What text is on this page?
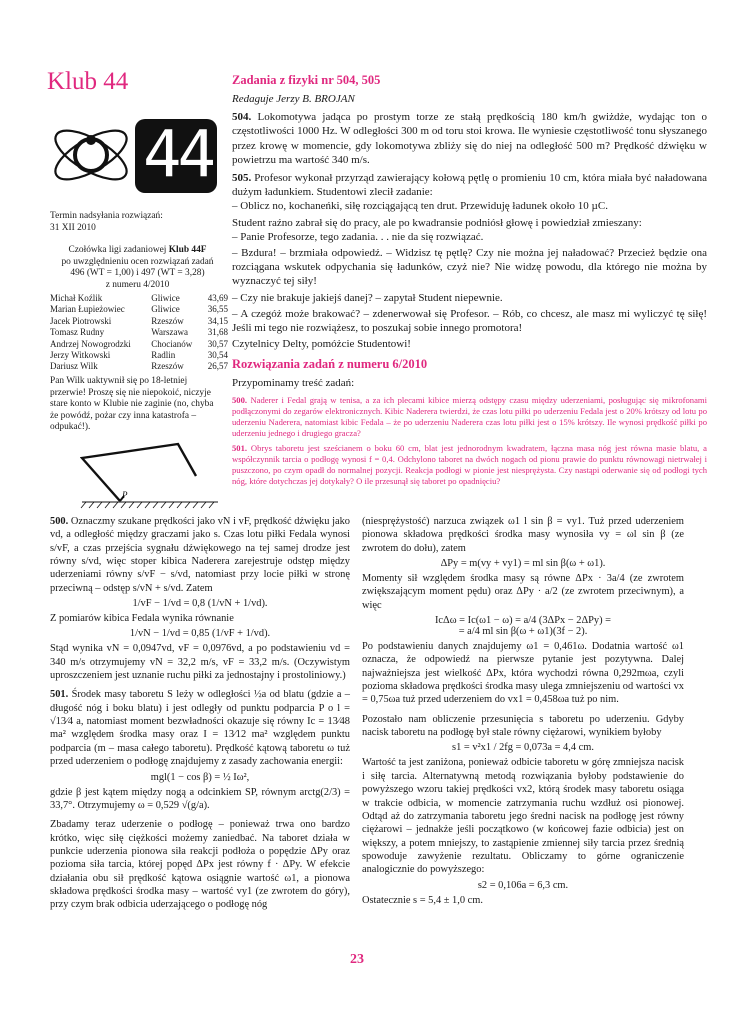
Klub 44
44
Termin nadsyłania rozwiązań:
31 XII 2010
Czołówka ligi zadaniowej Klub 44F
po uwzględnieniu ocen rozwiązań zadań
496 (WT = 1,00) i 497 (WT = 3,28)
z numeru 4/2010
Michał Koźlik	Gliwice	43,69
Marian Łupieżowiec	Gliwice	36,55
Jacek Piotrowski	Rzeszów	34,15
Tomasz Rudny	Warszawa	31,68
Andrzej Nowogrodzki	Chocianów	30,57
Jerzy Witkowski	Radlin	30,54
Dariusz Wilk	Rzeszów	26,57
Pan Wilk uaktywnił się po 18-letniej przerwie! Proszę się nie niepokoić, niczyje stare konto w Klubie nie zaginie (no, chyba że powódź, pożar czy inna katastrofa – odpukać!).
P
Zadania z fizyki nr 504, 505
Redaguje Jerzy B. BROJAN

504. Lokomotywa jadąca po prostym torze ze stałą prędkością 180 km/h gwiżdże, wydając ton o częstotliwości 1000 Hz. W odległości 300 m od toru stoi krowa. Ile wyniesie częstotliwość tonu słyszanego przez krowę w momencie, gdy lokomotywa zbliży się do niej na odległość 500 m? Prędkość dźwięku w powietrzu ma wartość 340 m/s.

505. Profesor wykonał przyrząd zawierający kołową pętlę o promieniu 10 cm, która miała być naładowana dużym ładunkiem. Studentowi zlecił zadanie:

– Oblicz no, kochaneńki, siłę rozciągającą ten drut. Przewiduję ładunek około 10 µC.

Student raźno zabrał się do pracy, ale po kwadransie podniósł głowę i powiedział zmieszany:

– Panie Profesorze, tego zadania. . . nie da się rozwiązać.

– Bzdura! – brzmiała odpowiedź. – Widzisz tę pętlę? Czy nie można jej naładować? Przecież będzie ona rozciągana wskutek odpychania się ładunków, czyż nie? Nie widzę powodu, dla którego nie można by wyznaczyć tej siły!

– Czy nie brakuje jakiejś danej? – zapytał Student niepewnie.

– A czegóż może brakować? – zdenerwował się Profesor. – Rób, co chcesz, ale masz mi wyliczyć tę siłę! Jeśli mi tego nie rozwiążesz, to poszukaj sobie innego promotora!

Czytelnicy Delty, pomóżcie Studentowi!

Rozwiązania zadań z numeru 6/2010

Przypominamy treść zadań:

500. Naderer i Fedal grają w tenisa, a za ich plecami kibice mierzą odstępy czasu między uderzeniami, posługując się mikrofonami podłączonymi do zegarów elektronicznych. Kibic Naderera twierdzi, że czas lotu piłki po uderzeniu Fedala jest o 20% krótszy od lotu po uderzeniu Naderera, natomiast kibic Fedala – że po uderzeniu Naderera czas lotu piłki jest o 15% krótszy. Ile wynosi prędkość piłki po uderzeniu jednego i drugiego gracza?

501. Obrys taboretu jest sześcianem o boku 60 cm, blat jest jednorodnym kwadratem, łączna masa nóg jest równa masie blatu, a współczynnik tarcia o podłogę wynosi f = 0,4. Odchylono taboret na dwóch nogach od pionu prawie do punktu równowagi nietrwałej i puszczono, po czym opadł do normalnej pozycji. Reakcja podłogi w pionie jest niesprężysta. Czy nastąpi oderwanie się od podłogi tych nóg, które dotychczas jej dotykały? O ile przesunął się taboret po opadnięciu?

500. Oznaczmy szukane prędkości jako vN i vF, prędkość dźwięku jako vd, a odległość między graczami jako s. Czas lotu piłki Fedala wynosi s/vF, a czas przejścia sygnału dźwiękowego na tej samej drodze jest równy s/vd, więc stoper kibica Naderera zarejestruje odstęp między uderzeniami równy s/vF − s/vd, natomiast przy locie piłki w stronę przeciwną – odstęp s/vN + s/vd. Zatem

1/vF − 1/vd = 0,8 (1/vN + 1/vd).

Z pomiarów kibica Fedala wynika równanie

1/vN − 1/vd = 0,85 (1/vF + 1/vd).

Stąd wynika vN = 0,0947vd, vF = 0,0976vd, a po podstawieniu vd = 340 m/s otrzymujemy vN = 32,2 m/s, vF = 33,2 m/s. (Oczywistym uproszczeniem jest uznanie ruchu piłki za jednostajny i prostoliniowy.)

501. Środek masy taboretu S leży w odległości ½a od blatu (gdzie a – długość nóg i boku blatu) i jest odległy od punktu podparcia P o l = √13⁄4 a, natomiast moment bezwładności okazuje się równy Ic = 13⁄48 ma² względem środka masy oraz I = 13⁄12 ma² względem punktu podparcia (m – masa całego taboretu). Prędkość kątową taboretu ω tuż przed uderzeniem o podłogę znajdujemy z zasady zachowania energii:

mgl(1 − cos β) = ½ Iω²,

gdzie β jest kątem między nogą a odcinkiem SP, równym arctg(2/3) = 33,7°. Otrzymujemy ω = 0,529 √(g/a).

Zbadamy teraz uderzenie o podłogę – ponieważ trwa ono bardzo krótko, więc siłę ciężkości możemy zaniedbać. Na taboret działa w punkcie uderzenia pionowa siła reakcji podłoża o popędzie ΔPy oraz pozioma siła tarcia, której popęd ΔPx jest równy f · ΔPy. W efekcie działania obu sił prędkość kątowa osiągnie wartość ω1, a pionowa składowa prędkości środka masy – wartość vy1 (ze zwrotem do góry), przy czym brak odbicia uderzającego o podłogę nóg

(niesprężystość) narzuca związek ω1 l sin β = vy1. Tuż przed uderzeniem pionowa składowa prędkości środka masy wynosiła vy = ωl sin β (ze zwrotem do dołu), zatem

ΔPy = m(vy + vy1) = ml sin β(ω + ω1).

Momenty sił względem środka masy są równe ΔPx · 3a/4 (ze zwrotem zwiększającym moment pędu) oraz ΔPy · a/2 (ze zwrotem przeciwnym), a więc

IcΔω = Ic(ω1 − ω) = a/4 (3ΔPx − 2ΔPy) =
= a/4 ml sin β(ω + ω1)(3f − 2).

Po podstawieniu danych znajdujemy ω1 = 0,461ω. Dodatnia wartość ω1 oznacza, że odpowiedź na pierwsze pytanie jest pozytywna. Dalej najważniejsza jest wielkość ΔPx, która wychodzi równa 0,292mωa, czyli pozioma składowa prędkości środka masy ulega zmniejszeniu od wartości vx = 0,75ωa tuż przed uderzeniem do vx1 = 0,458ωa tuż po nim.

Pozostało nam obliczenie przesunięcia s taboretu po uderzeniu. Gdyby nacisk taboretu na podłogę był stale równy ciężarowi, wynikiem byłoby

s1 = v²x1 / 2fg = 0,073a = 4,4 cm.

Wartość ta jest zaniżona, ponieważ odbicie taboretu w górę zmniejsza nacisk i siłę tarcia. Alternatywną metodą rozwiązania byłoby podstawienie do powyższego wzoru takiej prędkości vx2, którą środek masy taboretu osiąga w trakcie odbicia, w momencie zatrzymania ruchu wzdłuż osi pionowej. Odtąd aż do zatrzymania taboretu jego średni nacisk na podłogę jest równy ciężarowi – jednakże jeśli początkowo (w końcowej fazie odbicia) jest on większy, a potem mniejszy, to zastąpienie zmiennej siły tarcia przez średnią spowoduje zawyżenie rezultatu. Obliczamy to górne ograniczenie analogicznie do powyższego:

s2 = 0,106a = 6,3 cm.

Ostatecznie s = 5,4 ± 1,0 cm.

23
